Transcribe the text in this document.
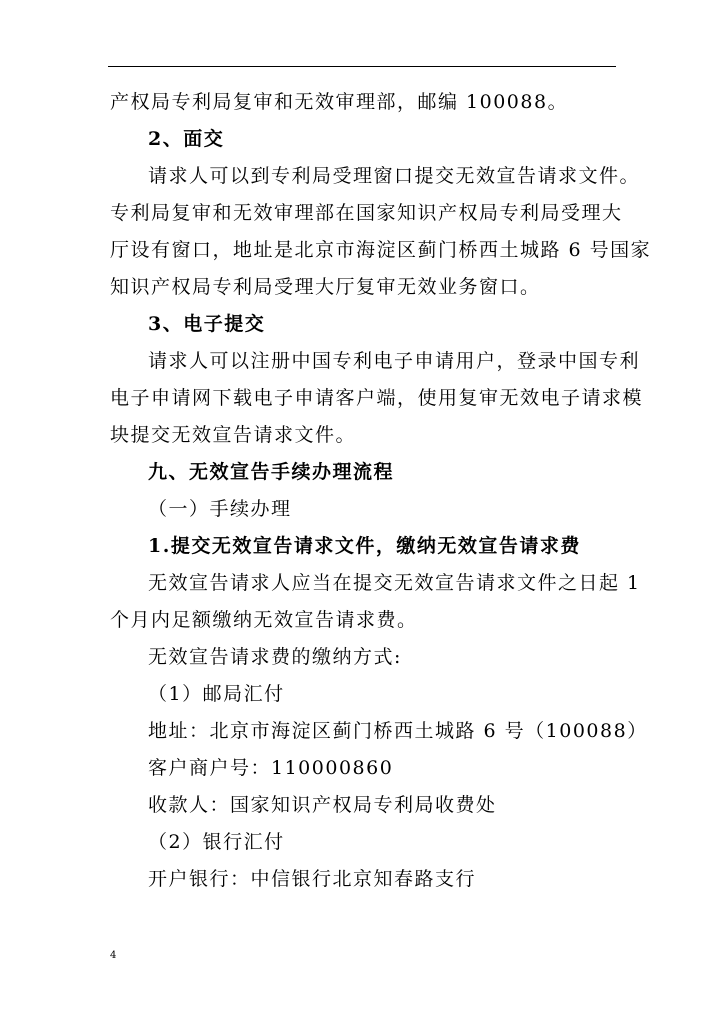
产权局专利局复审和无效审理部，邮编 100088。

2、面交

请求人可以到专利局受理窗口提交无效宣告请求文件。

专利局复审和无效审理部在国家知识产权局专利局受理大

厅设有窗口，地址是北京市海淀区蓟门桥西土城路 6 号国家

知识产权局专利局受理大厅复审无效业务窗口。

3、电子提交

请求人可以注册中国专利电子申请用户，登录中国专利

电子申请网下载电子申请客户端，使用复审无效电子请求模

块提交无效宣告请求文件。

九、无效宣告手续办理流程

（一）手续办理

1.提交无效宣告请求文件，缴纳无效宣告请求费

无效宣告请求人应当在提交无效宣告请求文件之日起 1

个月内足额缴纳无效宣告请求费。

无效宣告请求费的缴纳方式:

（1）邮局汇付

地址：北京市海淀区蓟门桥西土城路 6 号（100088）

客户商户号：110000860

收款人：国家知识产权局专利局收费处

（2）银行汇付

开户银行：中信银行北京知春路支行

4
